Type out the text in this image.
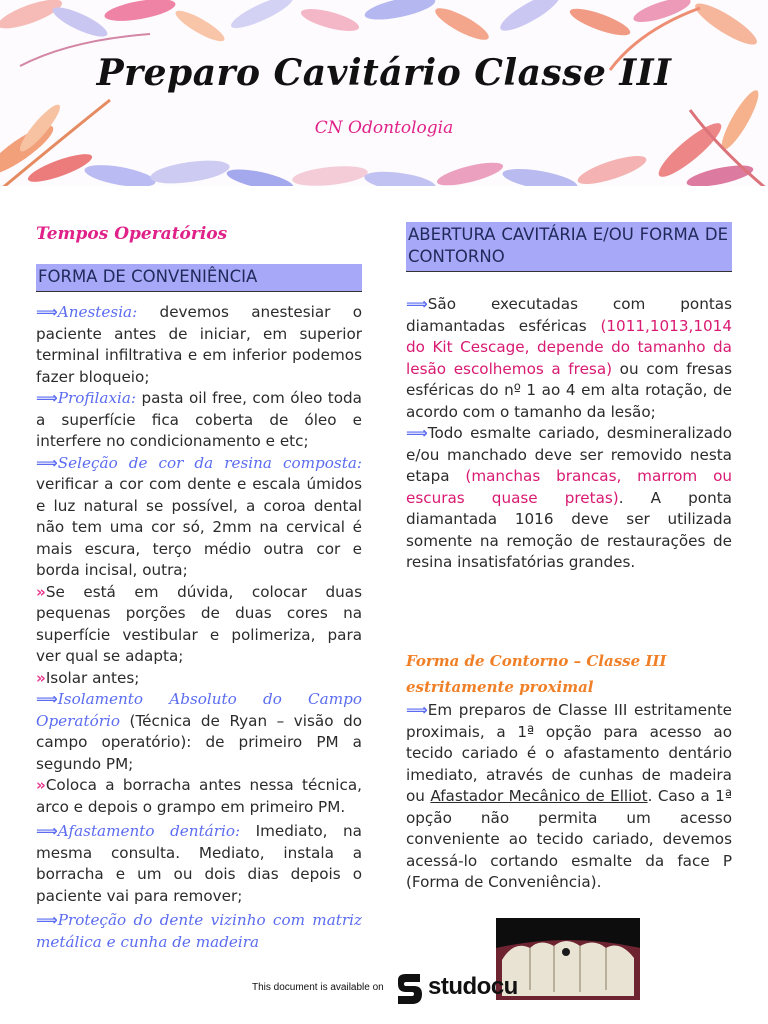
Preparo Cavitário Classe III
CN Odontologia
Tempos Operatórios
FORMA DE CONVENIÊNCIA

⟹Anestesia: devemos anestesiar o paciente antes de iniciar, em superior terminal infiltrativa e em inferior podemos fazer bloqueio;

⟹Profilaxia: pasta oil free, com óleo toda a superfície fica coberta de óleo e interfere no condicionamento e etc;

⟹Seleção de cor da resina composta: verificar a cor com dente e escala úmidos e luz natural se possível, a coroa dental não tem uma cor só, 2mm na cervical é mais escura, terço médio outra cor e borda incisal, outra;

»Se está em dúvida, colocar duas pequenas porções de duas cores na superfície vestibular e polimeriza, para ver qual se adapta;

»Isolar antes;

⟹Isolamento Absoluto do Campo Operatório (Técnica de Ryan – visão do campo operatório): de primeiro PM a segundo PM;

»Coloca a borracha antes nessa técnica, arco e depois o grampo em primeiro PM.

⟹Afastamento dentário: Imediato, na mesma consulta. Mediato, instala a borracha e um ou dois dias depois o paciente vai para remover;

⟹Proteção do dente vizinho com matriz metálica e cunha de madeira

ABERTURA CAVITÁRIA E/OU FORMA DE CONTORNO

⟹São executadas com pontas diamantadas esféricas (1011,1013,1014 do Kit Cescage, depende do tamanho da lesão escolhemos a fresa) ou com fresas esféricas do nº 1 ao 4 em alta rotação, de acordo com o tamanho da lesão;

⟹Todo esmalte cariado, desmineralizado e/ou manchado deve ser removido nesta etapa (manchas brancas, marrom ou escuras quase pretas). A ponta diamantada 1016 deve ser utilizada somente na remoção de restaurações de resina insatisfatórias grandes.

Forma de Contorno – Classe III estritamente proximal

⟹Em preparos de Classe III estritamente proximais, a 1ª opção para acesso ao tecido cariado é o afastamento dentário imediato, através de cunhas de madeira ou Afastador Mecânico de Elliot. Caso a 1ª opção não permita um acesso conveniente ao tecido cariado, devemos acessá-lo cortando esmalte da face P (Forma de Conveniência).

This document is available on studocu
